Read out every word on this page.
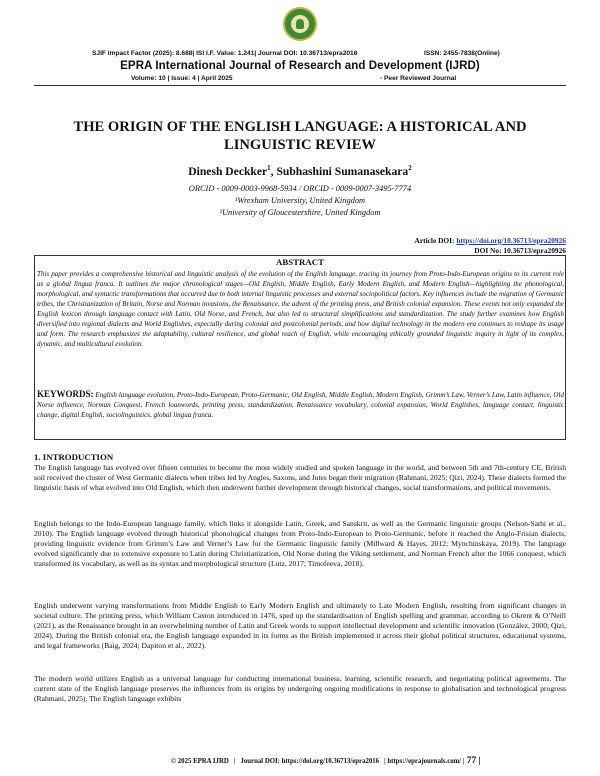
SJIF Impact Factor (2025): 8.688| ISI I.F. Value: 1.241| Journal DOI: 10.36713/epra2016	ISSN: 2455-7838(Online)
EPRA International Journal of Research and Development (IJRD)
Volume: 10 | Issue: 4 | April 2025	- Peer Reviewed Journal
THE ORIGIN OF THE ENGLISH LANGUAGE: A HISTORICAL AND LINGUISTIC REVIEW
Dinesh Deckker$^1$, Subhashini Sumanasekara$^2$
ORCID - 0009-0003-9968-5934 / ORCID - 0009-0007-3495-7774
¹Wrexham University, United Kingdom
²University of Gloucestershire, United Kingdom
Article DOI: https://doi.org/10.36713/epra20926
DOI No: 10.36713/epra20926
ABSTRACT
This paper provides a comprehensive historical and linguistic analysis of the evolution of the English language, tracing its journey from Proto-Indo-European origins to its current role as a global lingua franca. It outlines the major chronological stages—Old English, Middle English, Early Modern English, and Modern English—highlighting the phonological, morphological, and syntactic transformations that occurred due to both internal linguistic processes and external sociopolitical factors. Key influences include the migration of Germanic tribes, the Christianization of Britain, Norse and Norman invasions, the Renaissance, the advent of the printing press, and British colonial expansion. These events not only expanded the English lexicon through language contact with Latin, Old Norse, and French, but also led to structural simplifications and standardization. The study further examines how English diversified into regional dialects and World Englishes, especially during colonial and postcolonial periods, and how digital technology in the modern era continues to reshape its usage and form. The research emphasizes the adaptability, cultural resilience, and global reach of English, while encouraging ethically grounded linguistic inquiry in light of its complex, dynamic, and multicultural evolution.
KEYWORDS: English language evolution, Proto-Indo-European, Proto-Germanic, Old English, Middle English, Modern English, Grimm’s Law, Verner’s Law, Latin influence, Old Norse influence, Norman Conquest, French loanwords, printing press, standardization, Renaissance vocabulary, colonial expansion, World Englishes, language contact, linguistic change, digital English, sociolinguistics, global lingua franca.
1. INTRODUCTION
The English language has evolved over fifteen centuries to become the most widely studied and spoken language in the world, and between 5th and 7th-century CE, British soil received the cluster of West Germanic dialects when tribes led by Angles, Saxons, and Jutes began their migration (Rahmani, 2025; Qizi, 2024). These dialects formed the linguistic basis of what evolved into Old English, which then underwent further development through historical changes, social transformations, and political movements.
English belongs to the Indo-European language family, which links it alongside Latin, Greek, and Sanskrit, as well as the Germanic linguistic groups (Nelson-Sathi et al., 2010). The English language evolved through historical phonological changes from Proto-Indo-European to Proto-Germanic, before it reached the Anglo-Frisian dialects, providing linguistic evidence from Grimm’s Law and Verner’s Law for the Germanic linguistic family (Millward & Hayes, 2012; Mynchinskaya, 2019). The language evolved significantly due to extensive exposure to Latin during Christianization, Old Norse during the Viking settlement, and Norman French after the 1066 conquest, which transformed its vocabulary, as well as its syntax and morphological structure (Lutz, 2017; Timofeeva, 2018).
English underwent varying transformations from Middle English to Early Modern English and ultimately to Late Modern English, resulting from significant changes in societal culture. The printing press, which William Caxton introduced in 1476, sped up the standardisation of English spelling and grammar, according to Okrent & O’Neill (2021), as the Renaissance brought in an overwhelming number of Latin and Greek words to support intellectual development and scientific innovation (González, 2000; Qizi, 2024). During the British colonial era, the English language expanded in its forms as the British implemented it across their global political structures, educational systems, and legal frameworks (Baig, 2024; Dapiton et al., 2022).
The modern world utilizes English as a universal language for conducting international business, learning, scientific research, and negotiating political agreements. The current state of the English language preserves the influences from its origins by undergoing ongoing modifications in response to globalisation and technological progress (Rahmani, 2025). The English language exhibits
© 2025 EPRA IJRD   |   Journal DOI: https://doi.org/10.36713/epra2016   | https://eprajournals.com/ | 77 |
